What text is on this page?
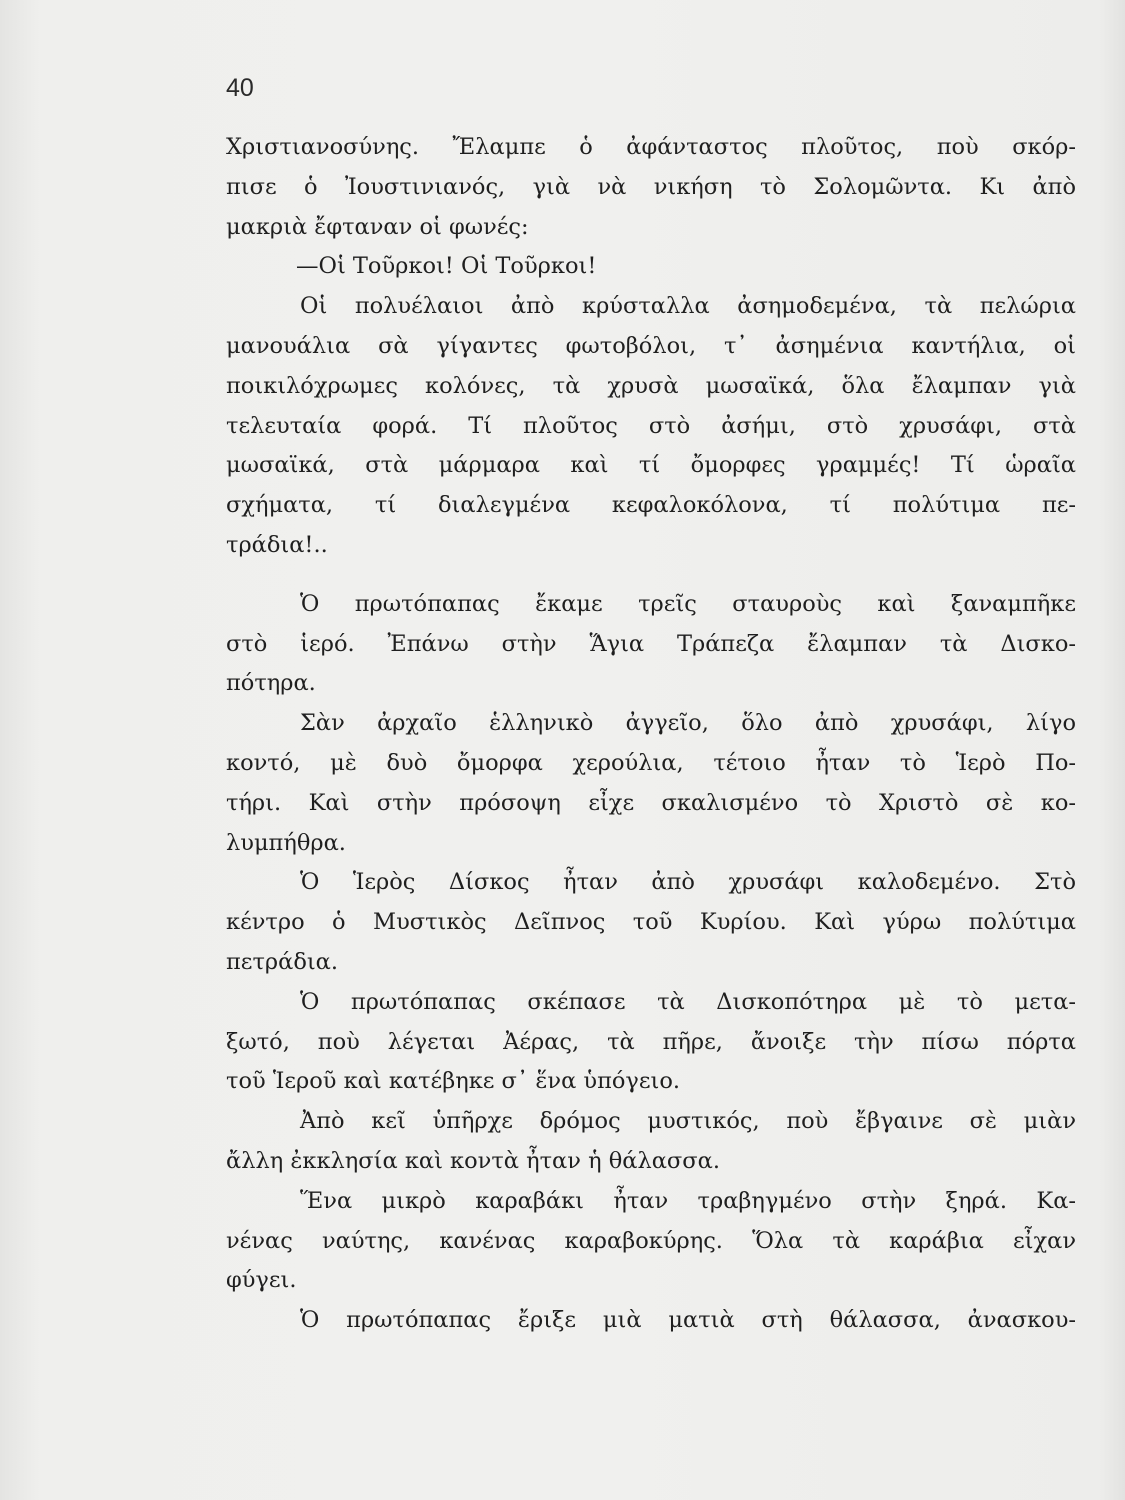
40

Χριστιανοσύνης. Ἔλαμπε ὁ ἀφάνταστος πλοῦτος, ποὺ σκόρ-
πισε ὁ Ἰουστινιανός, γιὰ νὰ νικήση τὸ Σολομῶντα. Κι ἀπὸ
μακριὰ ἔφταναν οἱ φωνές:
—Οἱ Τοῦρκοι! Οἱ Τοῦρκοι!
Οἱ πολυέλαιοι ἀπὸ κρύσταλλα ἀσημοδεμένα, τὰ πελώρια
μανουάλια σὰ γίγαντες φωτοβόλοι, τ᾽ ἀσημένια καντήλια, οἱ
ποικιλόχρωμες κολόνες, τὰ χρυσὰ μωσαϊκά, ὅλα ἔλαμπαν γιὰ
τελευταία φορά. Τί πλοῦτος στὸ ἀσήμι, στὸ χρυσάφι, στὰ
μωσαϊκά, στὰ μάρμαρα καὶ τί ὄμορφες γραμμές! Τί ὡραῖα
σχήματα, τί διαλεγμένα κεφαλοκόλονα, τί πολύτιμα πε-
τράδια!..
Ὁ πρωτόπαπας ἔκαμε τρεῖς σταυροὺς καὶ ξαναμπῆκε
στὸ ἱερό. Ἐπάνω στὴν Ἅγια Τράπεζα ἔλαμπαν τὰ Δισκο-
πότηρα.
Σὰν ἀρχαῖο ἑλληνικὸ ἀγγεῖο, ὅλο ἀπὸ χρυσάφι, λίγο
κοντό, μὲ δυὸ ὄμορφα χερούλια, τέτοιο ἦταν τὸ Ἱερὸ Πο-
τήρι. Καὶ στὴν πρόσοψη εἶχε σκαλισμένο τὸ Χριστὸ σὲ κο-
λυμπήθρα.
Ὁ Ἱερὸς Δίσκος ἦταν ἀπὸ χρυσάφι καλοδεμένο. Στὸ
κέντρο ὁ Μυστικὸς Δεῖπνος τοῦ Κυρίου. Καὶ γύρω πολύτιμα
πετράδια.
Ὁ πρωτόπαπας σκέπασε τὰ Δισκοπότηρα μὲ τὸ μετα-
ξωτό, ποὺ λέγεται Ἀέρας, τὰ πῆρε, ἄνοιξε τὴν πίσω πόρτα
τοῦ Ἱεροῦ καὶ κατέβηκε σ᾽ ἕνα ὑπόγειο.
Ἀπὸ κεῖ ὑπῆρχε δρόμος μυστικός, ποὺ ἔβγαινε σὲ μιὰν
ἄλλη ἐκκλησία καὶ κοντὰ ἦταν ἡ θάλασσα.
Ἕνα μικρὸ καραβάκι ἦταν τραβηγμένο στὴν ξηρά. Κα-
νένας ναύτης, κανένας καραβοκύρης. Ὅλα τὰ καράβια εἶχαν
φύγει.
Ὁ πρωτόπαπας ἔριξε μιὰ ματιὰ στὴ θάλασσα, ἀνασκου-
